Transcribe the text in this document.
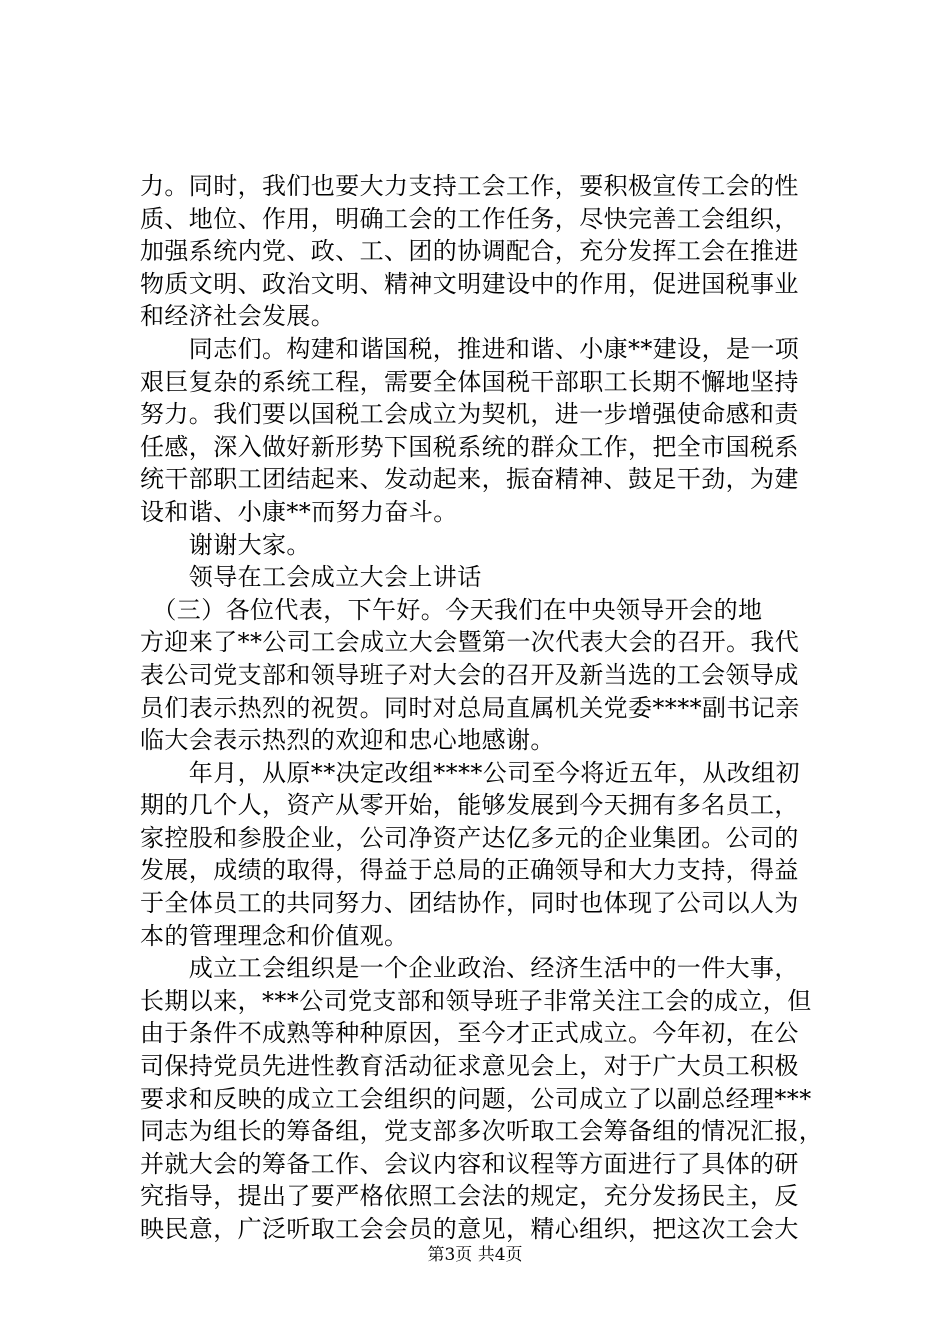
力。同时，我们也要大力支持工会工作，要积极宣传工会的性
质、地位、作用，明确工会的工作任务，尽快完善工会组织，
加强系统内党、政、工、团的协调配合，充分发挥工会在推进
物质文明、政治文明、精神文明建设中的作用，促进国税事业
和经济社会发展。
　　同志们。构建和谐国税，推进和谐、小康**建设，是一项
艰巨复杂的系统工程，需要全体国税干部职工长期不懈地坚持
努力。我们要以国税工会成立为契机，进一步增强使命感和责
任感，深入做好新形势下国税系统的群众工作，把全市国税系
统干部职工团结起来、发动起来，振奋精神、鼓足干劲，为建
设和谐、小康**而努力奋斗。
　　谢谢大家。
　　领导在工会成立大会上讲话
　（三）各位代表，下午好。今天我们在中央领导开会的地
方迎来了**公司工会成立大会暨第一次代表大会的召开。我代
表公司党支部和领导班子对大会的召开及新当选的工会领导成
员们表示热烈的祝贺。同时对总局直属机关党委****副书记亲
临大会表示热烈的欢迎和忠心地感谢。
　　年月，从原**决定改组****公司至今将近五年，从改组初
期的几个人，资产从零开始，能够发展到今天拥有多名员工，
家控股和参股企业，公司净资产达亿多元的企业集团。公司的
发展，成绩的取得，得益于总局的正确领导和大力支持，得益
于全体员工的共同努力、团结协作，同时也体现了公司以人为
本的管理理念和价值观。
　　成立工会组织是一个企业政治、经济生活中的一件大事，
长期以来，***公司党支部和领导班子非常关注工会的成立，但
由于条件不成熟等种种原因，至今才正式成立。今年初，在公
司保持党员先进性教育活动征求意见会上，对于广大员工积极
要求和反映的成立工会组织的问题，公司成立了以副总经理***
同志为组长的筹备组，党支部多次听取工会筹备组的情况汇报，
并就大会的筹备工作、会议内容和议程等方面进行了具体的研
究指导，提出了要严格依照工会法的规定，充分发扬民主，反
映民意，广泛听取工会会员的意见，精心组织，把这次工会大
第3页 共4页
